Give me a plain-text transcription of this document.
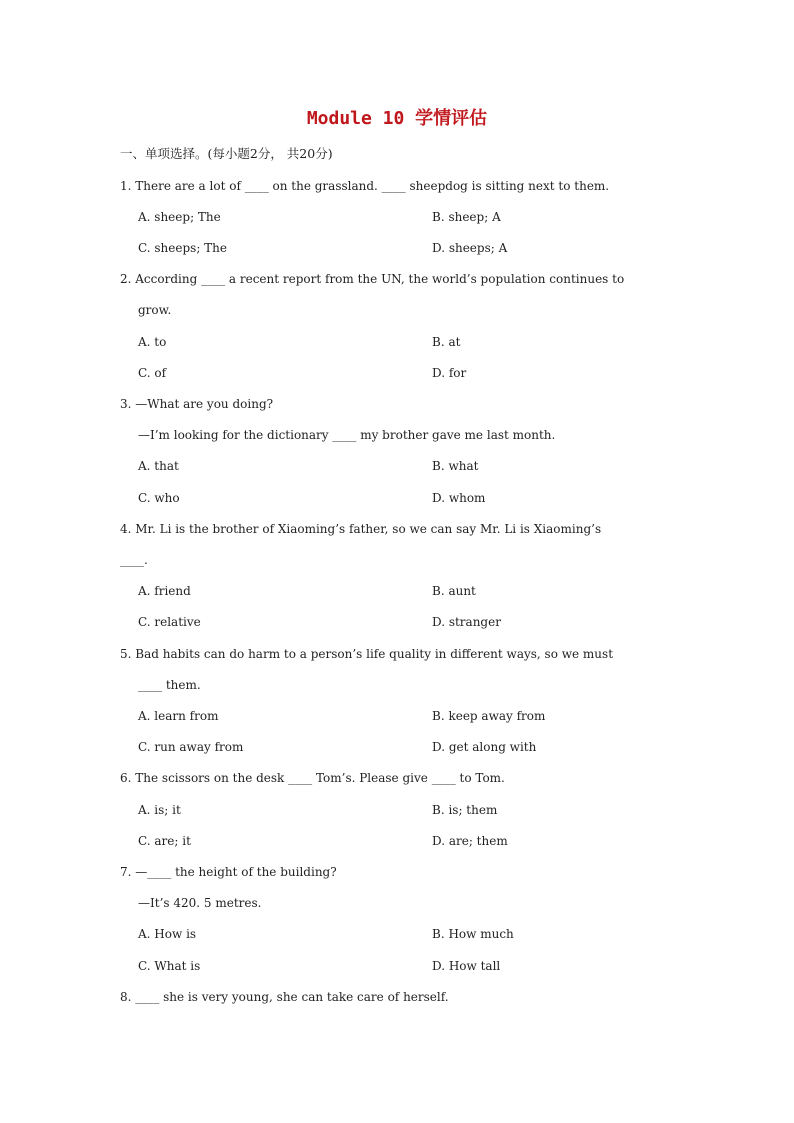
Module 10 学情评估
一、单项选择。(每小题2分， 共20分)
1. There are a lot of ____ on the grassland. ____ sheepdog is sitting next to them.
A. sheep; The	B. sheep; A
C. sheeps; The	D. sheeps; A
2. According ____ a recent report from the UN, the world’s population continues to
grow.
A. to	B. at
C. of	D. for
3. —What are you doing?
—I’m looking for the dictionary ____ my brother gave me last month.
A. that	B. what
C. who	D. whom
4. Mr. Li is the brother of Xiaoming’s father, so we can say Mr. Li is Xiaoming’s
____.
A. friend	B. aunt
C. relative	D. stranger
5. Bad habits can do harm to a person’s life quality in different ways, so we must
____ them.
A. learn from	B. keep away from
C. run away from	D. get along with
6. The scissors on the desk ____ Tom’s. Please give ____ to Tom.
A. is; it	B. is; them
C. are; it	D. are; them
7. —____ the height of the building?
—It’s 420. 5 metres.
A. How is	B. How much
C. What is	D. How tall
8. ____ she is very young, she can take care of herself.
